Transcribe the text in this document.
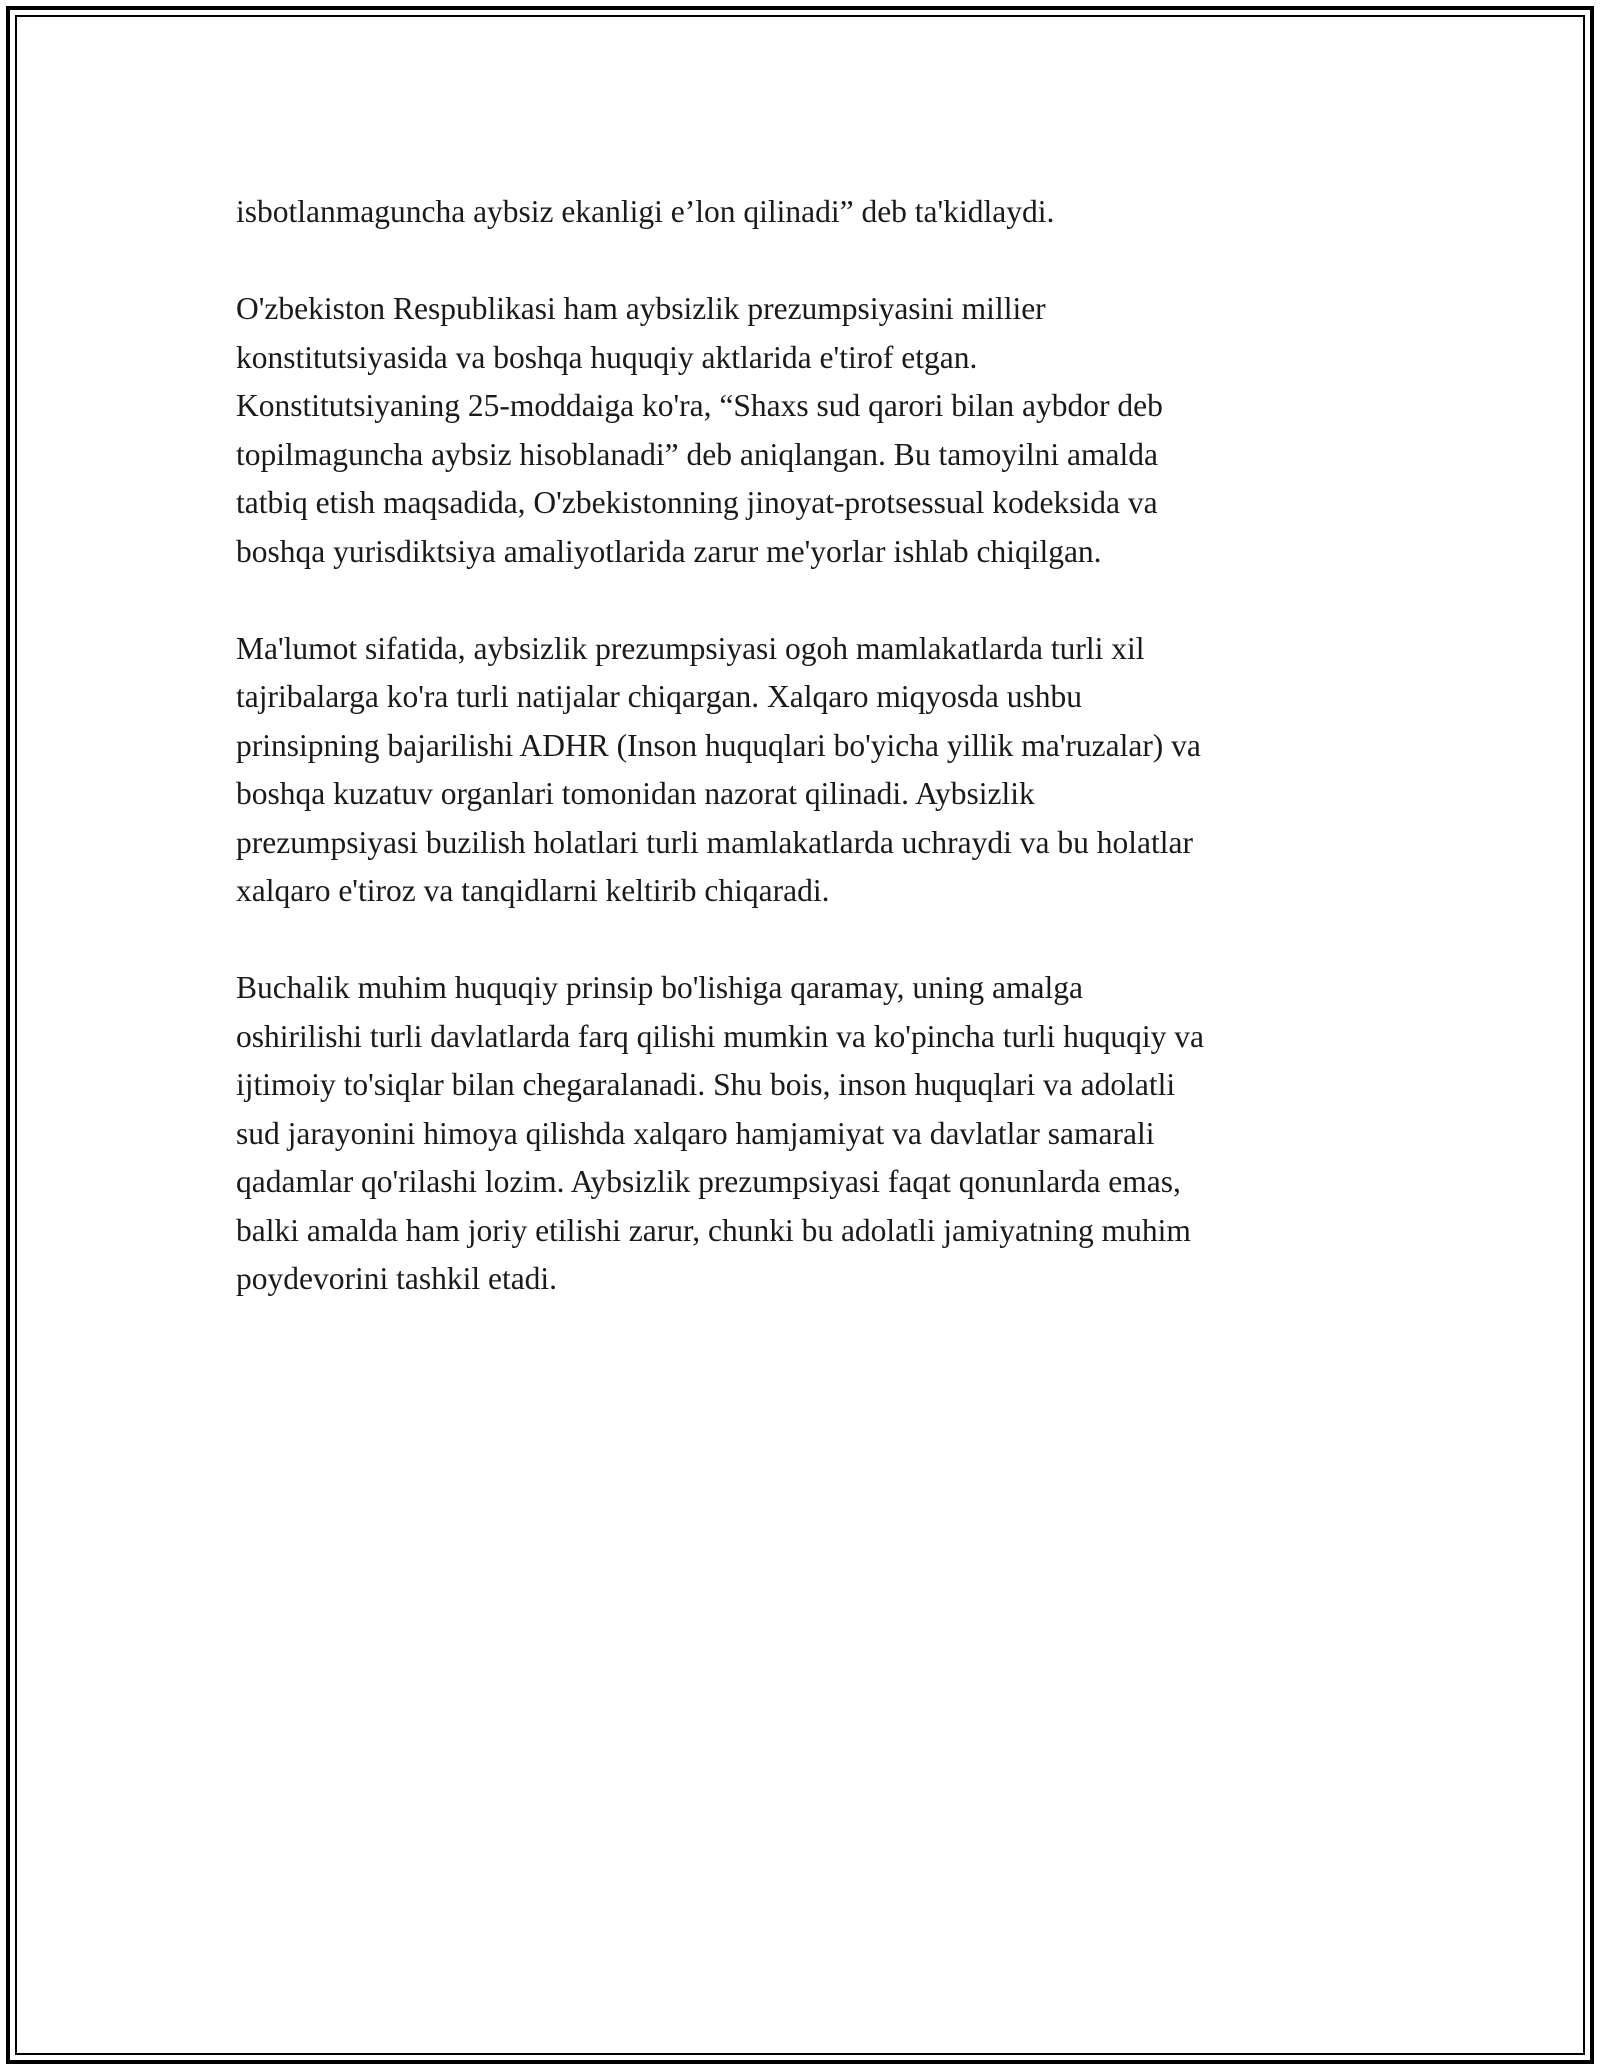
isbotlanmaguncha aybsiz ekanligi e’lon qilinadi” deb ta'kidlaydi.

O'zbekiston Respublikasi ham aybsizlik prezumpsiyasini millier
konstitutsiyasida va boshqa huquqiy aktlarida e'tirof etgan.
Konstitutsiyaning 25-moddaiga ko'ra, “Shaxs sud qarori bilan aybdor deb
topilmaguncha aybsiz hisoblanadi” deb aniqlangan. Bu tamoyilni amalda
tatbiq etish maqsadida, O'zbekistonning jinoyat-protsessual kodeksida va
boshqa yurisdiktsiya amaliyotlarida zarur me'yorlar ishlab chiqilgan.

Ma'lumot sifatida, aybsizlik prezumpsiyasi ogoh mamlakatlarda turli xil
tajribalarga ko'ra turli natijalar chiqargan. Xalqaro miqyosda ushbu
prinsipning bajarilishi ADHR (Inson huquqlari bo'yicha yillik ma'ruzalar) va
boshqa kuzatuv organlari tomonidan nazorat qilinadi. Aybsizlik
prezumpsiyasi buzilish holatlari turli mamlakatlarda uchraydi va bu holatlar
xalqaro e'tiroz va tanqidlarni keltirib chiqaradi.

Buchalik muhim huquqiy prinsip bo'lishiga qaramay, uning amalga
oshirilishi turli davlatlarda farq qilishi mumkin va ko'pincha turli huquqiy va
ijtimoiy to'siqlar bilan chegaralanadi. Shu bois, inson huquqlari va adolatli
sud jarayonini himoya qilishda xalqaro hamjamiyat va davlatlar samarali
qadamlar qo'rilashi lozim. Aybsizlik prezumpsiyasi faqat qonunlarda emas,
balki amalda ham joriy etilishi zarur, chunki bu adolatli jamiyatning muhim
poydevorini tashkil etadi.
